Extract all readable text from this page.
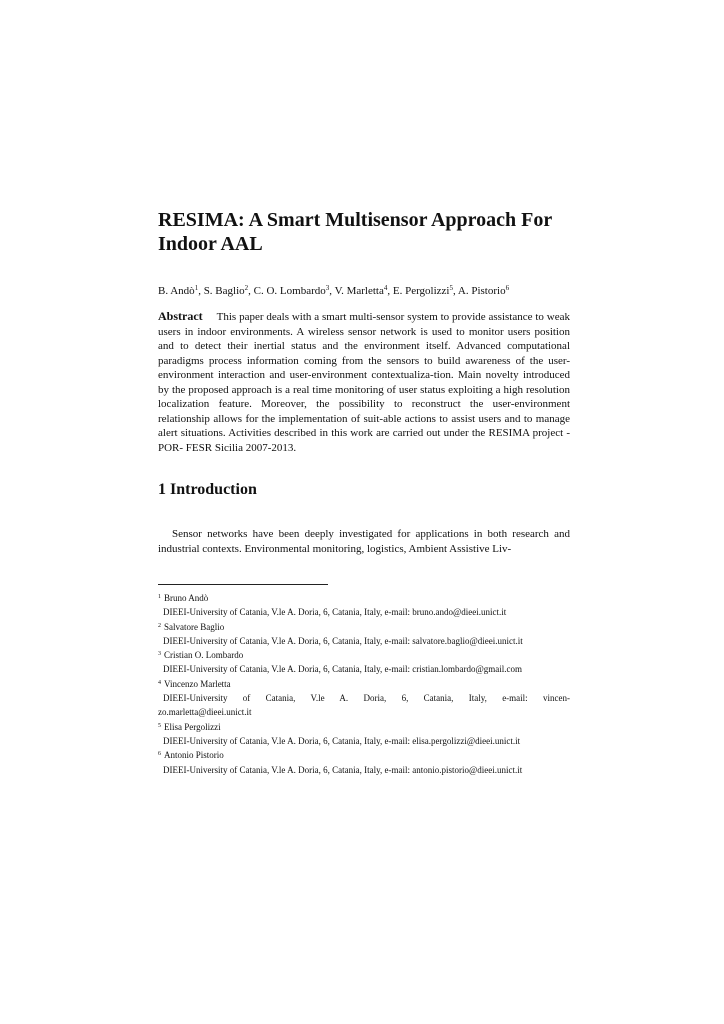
RESIMA: A Smart Multisensor Approach For
Indoor AAL
B. Andò$^1$, S. Baglio$^2$, C. O. Lombardo$^3$, V. Marletta$^4$, E. Pergolizzi$^5$, A. Pistorio$^6$

Abstract This paper deals with a smart multi-sensor system to provide assistance to weak users in indoor environments. A wireless sensor network is used to monitor users position and to detect their inertial status and the environment itself. Advanced computational paradigms process information coming from the sensors to build awareness of the user-environment interaction and user-environment contextualiza-tion. Main novelty introduced by the proposed approach is a real time monitoring of user status exploiting a high resolution localization feature. Moreover, the possibility to reconstruct the user-environment relationship allows for the implementation of suit-able actions to assist users and to manage alert situations. Activities described in this work are carried out under the RESIMA project - POR- FESR Sicilia 2007-2013.

1 Introduction

Sensor networks have been deeply investigated for applications in both research and industrial contexts. Environmental monitoring, logistics, Ambient Assistive Liv-

$^1$ Bruno Andò
DIEEI-University of Catania, V.le A. Doria, 6, Catania, Italy, e-mail: bruno.ando@dieei.unict.it
$^2$ Salvatore Baglio
DIEEI-University of Catania, V.le A. Doria, 6, Catania, Italy, e-mail: salvatore.baglio@dieei.unict.it
$^3$ Cristian O. Lombardo
DIEEI-University of Catania, V.le A. Doria, 6, Catania, Italy, e-mail: cristian.lombardo@gmail.com
$^4$ Vincenzo Marletta
DIEEI-University of Catania, V.le A. Doria, 6, Catania, Italy, e-mail: vincen-
zo.marletta@dieei.unict.it
$^5$ Elisa Pergolizzi
DIEEI-University of Catania, V.le A. Doria, 6, Catania, Italy, e-mail: elisa.pergolizzi@dieei.unict.it
$^6$ Antonio Pistorio
DIEEI-University of Catania, V.le A. Doria, 6, Catania, Italy, e-mail: antonio.pistorio@dieei.unict.it
